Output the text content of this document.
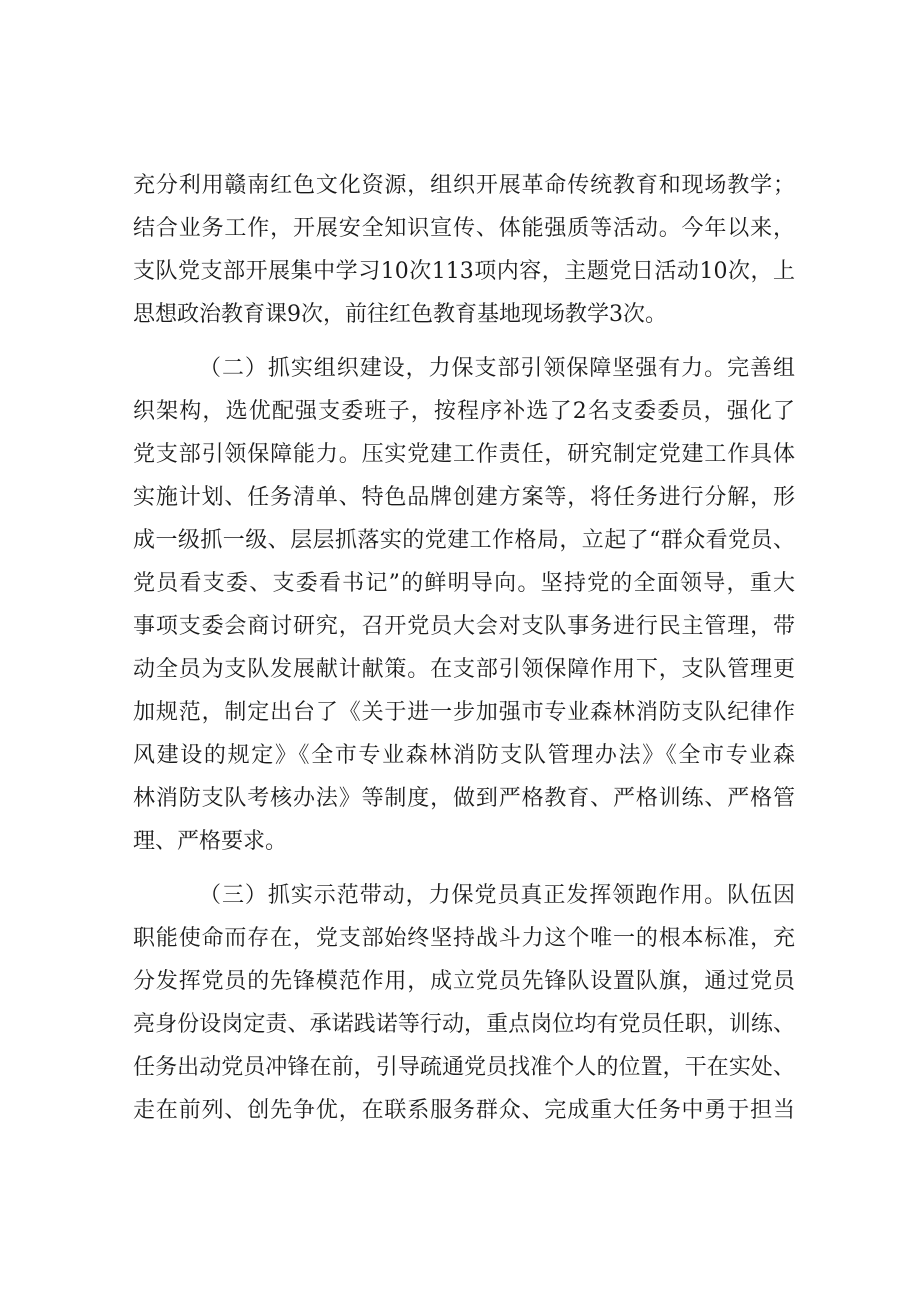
充分利用赣南红色文化资源，组织开展革命传统教育和现场教学；
结合业务工作，开展安全知识宣传、体能强质等活动。今年以来，
支队党支部开展集中学习10次113项内容，主题党日活动10次，上
思想政治教育课9次，前往红色教育基地现场教学3次。
（二）抓实组织建设，力保支部引领保障坚强有力。完善组
织架构，选优配强支委班子，按程序补选了2名支委委员，强化了
党支部引领保障能力。压实党建工作责任，研究制定党建工作具体
实施计划、任务清单、特色品牌创建方案等，将任务进行分解，形
成一级抓一级、层层抓落实的党建工作格局，立起了“群众看党员、
党员看支委、支委看书记”的鲜明导向。坚持党的全面领导，重大
事项支委会商讨研究，召开党员大会对支队事务进行民主管理，带
动全员为支队发展献计献策。在支部引领保障作用下，支队管理更
加规范，制定出台了《关于进一步加强市专业森林消防支队纪律作
风建设的规定》《全市专业森林消防支队管理办法》《全市专业森
林消防支队考核办法》等制度，做到严格教育、严格训练、严格管
理、严格要求。
（三）抓实示范带动，力保党员真正发挥领跑作用。队伍因
职能使命而存在，党支部始终坚持战斗力这个唯一的根本标准，充
分发挥党员的先锋模范作用，成立党员先锋队设置队旗，通过党员
亮身份设岗定责、承诺践诺等行动，重点岗位均有党员任职，训练、
任务出动党员冲锋在前，引导疏通党员找准个人的位置，干在实处、
走在前列、创先争优，在联系服务群众、完成重大任务中勇于担当
